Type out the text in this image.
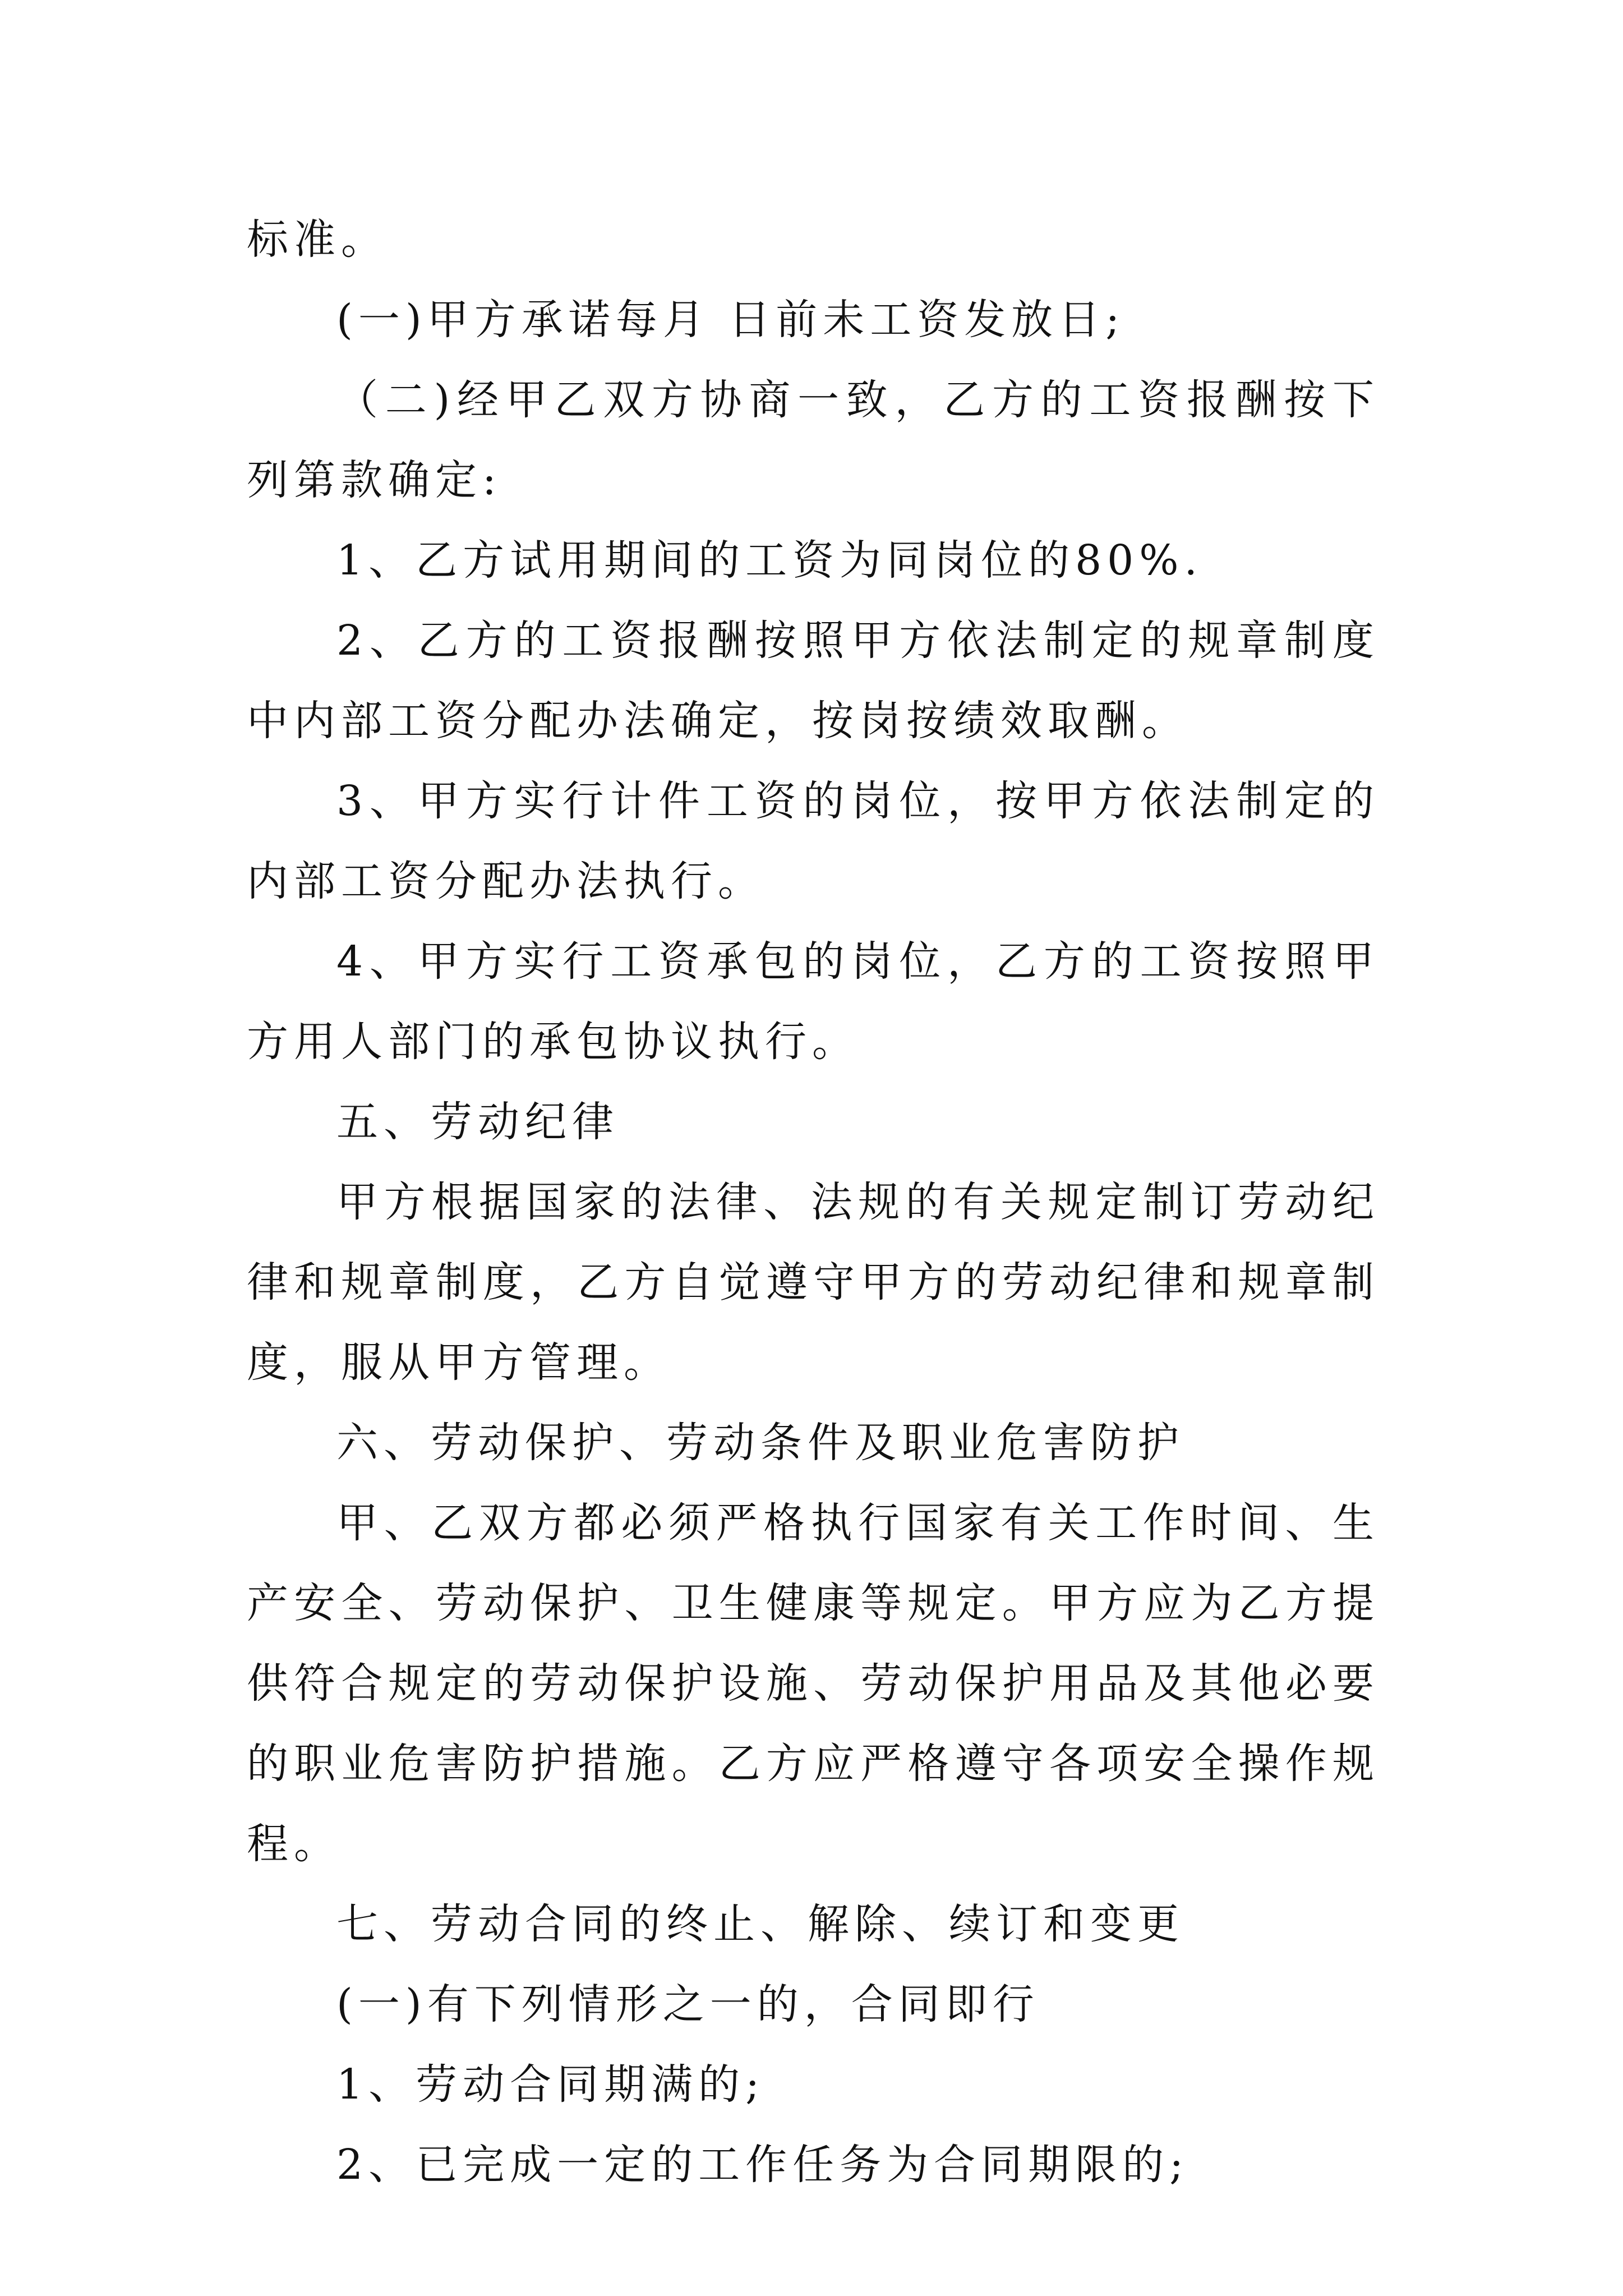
标准。

(一)甲方承诺每月 日前未工资发放日;

（二)经甲乙双方协商一致，乙方的工资报酬按下列第款确定:

1、乙方试用期间的工资为同岗位的80%.

2、乙方的工资报酬按照甲方依法制定的规章制度中内部工资分配办法确定，按岗按绩效取酬。

3、甲方实行计件工资的岗位，按甲方依法制定的内部工资分配办法执行。

4、甲方实行工资承包的岗位，乙方的工资按照甲方用人部门的承包协议执行。

五、劳动纪律

甲方根据国家的法律、法规的有关规定制订劳动纪律和规章制度，乙方自觉遵守甲方的劳动纪律和规章制度，服从甲方管理。

六、劳动保护、劳动条件及职业危害防护

甲、乙双方都必须严格执行国家有关工作时间、生产安全、劳动保护、卫生健康等规定。甲方应为乙方提供符合规定的劳动保护设施、劳动保护用品及其他必要的职业危害防护措施。乙方应严格遵守各项安全操作规程。

七、劳动合同的终止、解除、续订和变更

(一)有下列情形之一的，合同即行

1、劳动合同期满的;

2、已完成一定的工作任务为合同期限的;
